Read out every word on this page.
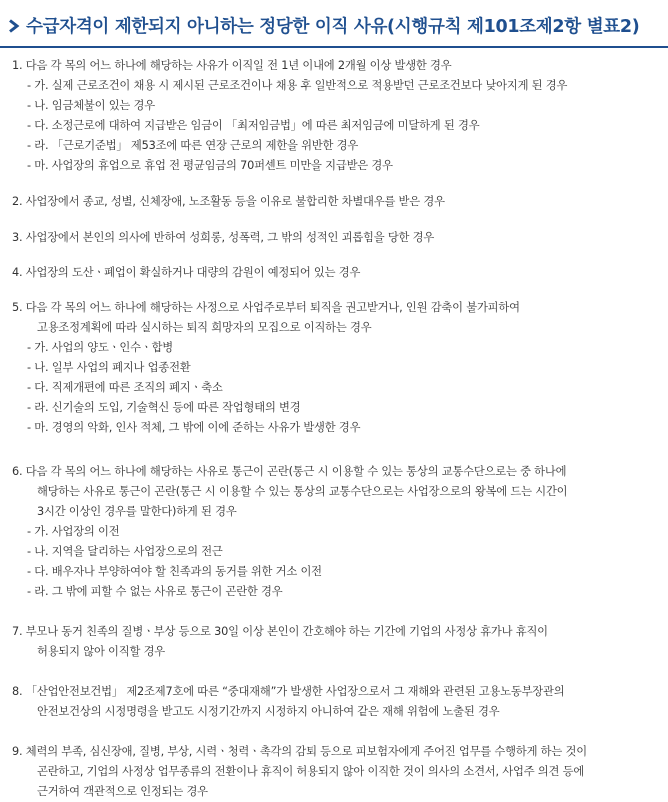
수급자격이 제한되지 아니하는 정당한 이직 사유(시행규칙 제101조제2항 별표2)
1. 다음 각 목의 어느 하나에 해당하는 사유가 이직일 전 1년 이내에 2개월 이상 발생한 경우
- 가. 실제 근로조건이 채용 시 제시된 근로조건이나 채용 후 일반적으로 적용받던 근로조건보다 낮아지게 된 경우
- 나. 임금체불이 있는 경우
- 다. 소정근로에 대하여 지급받은 임금이 「최저임금법」에 따른 최저임금에 미달하게 된 경우
- 라. 「근로기준법」 제53조에 따른 연장 근로의 제한을 위반한 경우
- 마. 사업장의 휴업으로 휴업 전 평균임금의 70퍼센트 미만을 지급받은 경우
2. 사업장에서 종교, 성별, 신체장애, 노조활동 등을 이유로 불합리한 차별대우를 받은 경우
3. 사업장에서 본인의 의사에 반하여 성희롱, 성폭력, 그 밖의 성적인 괴롭힘을 당한 경우
4. 사업장의 도산ㆍ폐업이 확실하거나 대량의 감원이 예정되어 있는 경우
5. 다음 각 목의 어느 하나에 해당하는 사정으로 사업주로부터 퇴직을 권고받거나, 인원 감축이 불가피하여
고용조정계획에 따라 실시하는 퇴직 희망자의 모집으로 이직하는 경우
- 가. 사업의 양도ㆍ인수ㆍ합병
- 나. 일부 사업의 폐지나 업종전환
- 다. 직제개편에 따른 조직의 폐지ㆍ축소
- 라. 신기술의 도입, 기술혁신 등에 따른 작업형태의 변경
- 마. 경영의 악화, 인사 적체, 그 밖에 이에 준하는 사유가 발생한 경우
6. 다음 각 목의 어느 하나에 해당하는 사유로 통근이 곤란(통근 시 이용할 수 있는 통상의 교통수단으로는 중 하나에
해당하는 사유로 통근이 곤란(통근 시 이용할 수 있는 통상의 교통수단으로는 사업장으로의 왕복에 드는 시간이
3시간 이상인 경우를 말한다)하게 된 경우
- 가. 사업장의 이전
- 나. 지역을 달리하는 사업장으로의 전근
- 다. 배우자나 부양하여야 할 친족과의 동거를 위한 거소 이전
- 라. 그 밖에 피할 수 없는 사유로 통근이 곤란한 경우
7. 부모나 동거 친족의 질병ㆍ부상 등으로 30일 이상 본인이 간호해야 하는 기간에 기업의 사정상 휴가나 휴직이
허용되지 않아 이직할 경우
8. 「산업안전보건법」 제2조제7호에 따른 “중대재해”가 발생한 사업장으로서 그 재해와 관련된 고용노동부장관의
안전보건상의 시정명령을 받고도 시정기간까지 시정하지 아니하여 같은 재해 위험에 노출된 경우
9. 체력의 부족, 심신장애, 질병, 부상, 시력ㆍ청력ㆍ촉각의 감퇴 등으로 피보험자에게 주어진 업무를 수행하게 하는 것이
곤란하고, 기업의 사정상 업무종류의 전환이나 휴직이 허용되지 않아 이직한 것이 의사의 소견서, 사업주 의견 등에
근거하여 객관적으로 인정되는 경우
